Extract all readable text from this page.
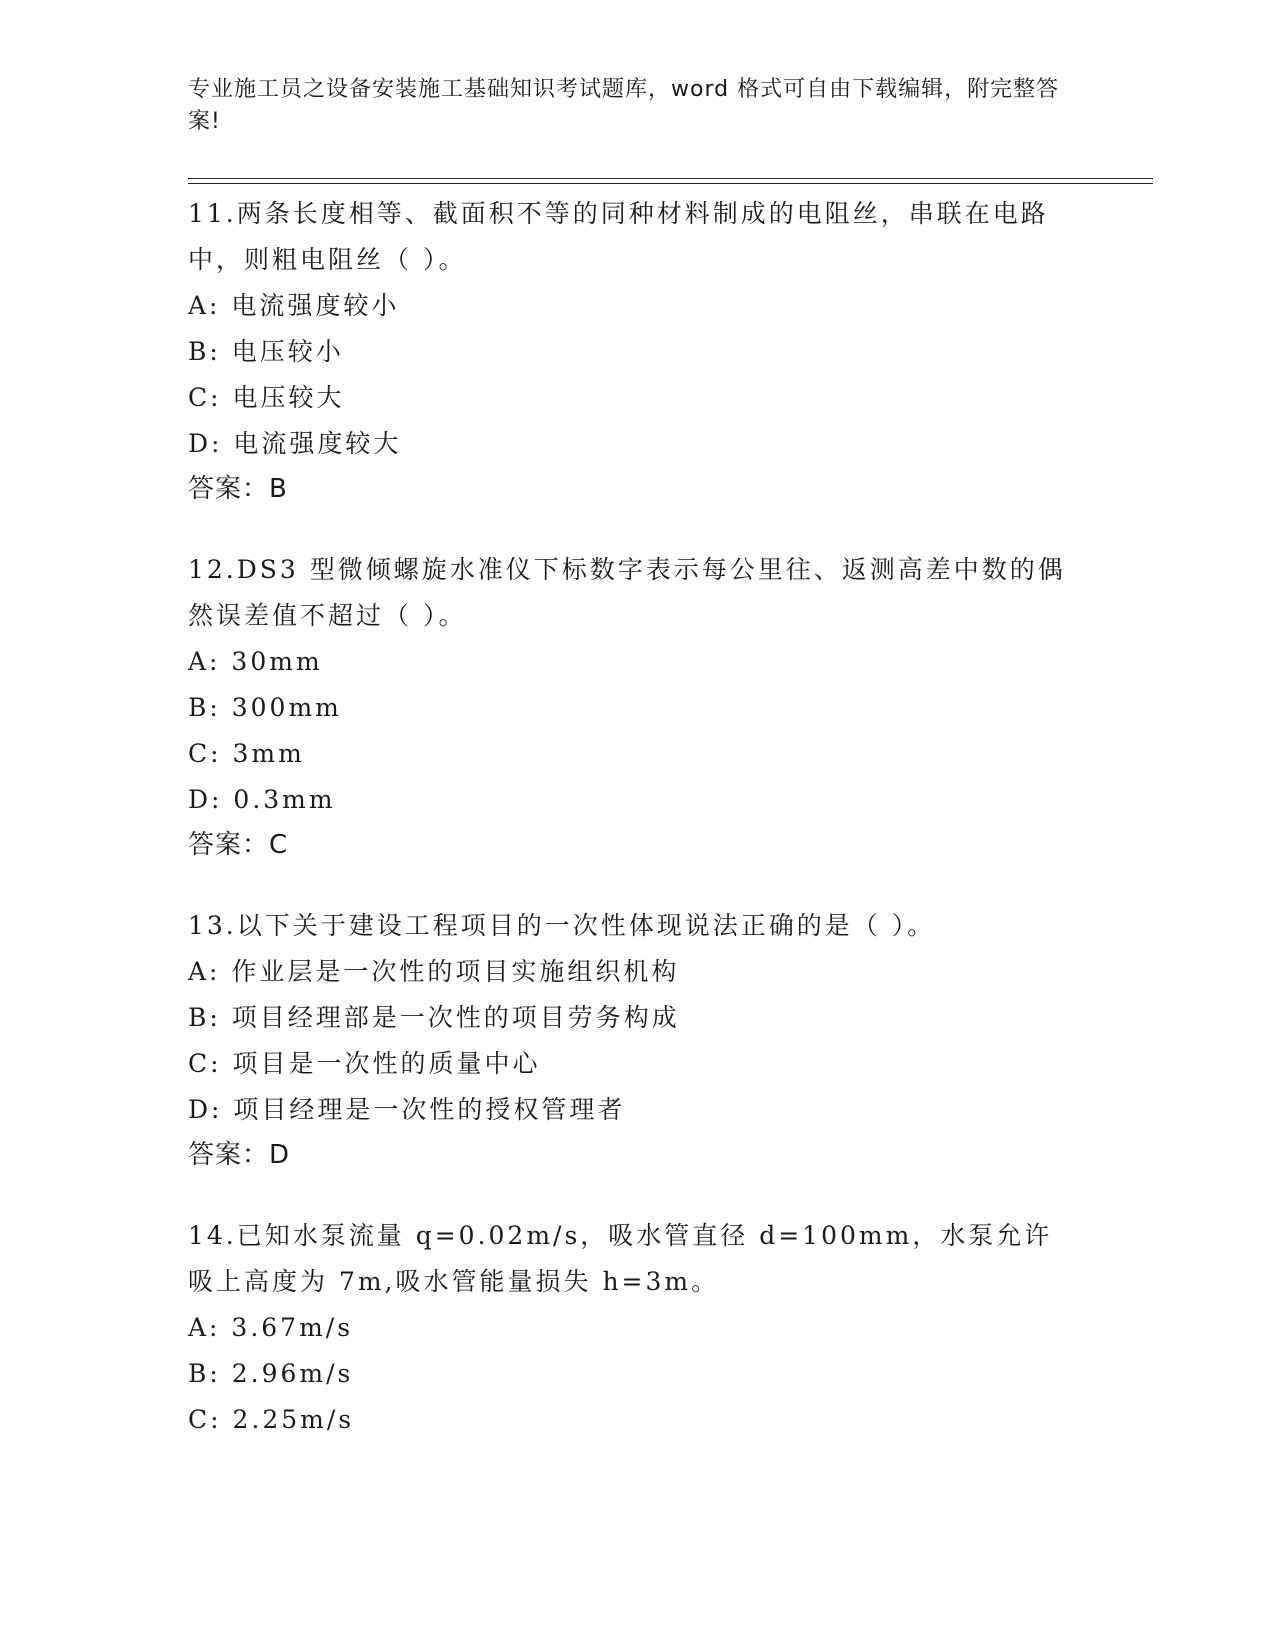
专业施工员之设备安装施工基础知识考试题库，word 格式可自由下载编辑，附完整答案!

11.两条长度相等、截面积不等的同种材料制成的电阻丝，串联在电路中，则粗电阻丝（ ）。

A: 电流强度较小

B: 电压较小

C: 电压较大

D: 电流强度较大

答案：B

12.DS3 型微倾螺旋水准仪下标数字表示每公里往、返测高差中数的偶然误差值不超过（ ）。

A: 30mm

B: 300mm

C: 3mm

D: 0.3mm

答案：C

13.以下关于建设工程项目的一次性体现说法正确的是（ ）。

A: 作业层是一次性的项目实施组织机构

B: 项目经理部是一次性的项目劳务构成

C: 项目是一次性的质量中心

D: 项目经理是一次性的授权管理者

答案：D

14.已知水泵流量 q=0.02m/s，吸水管直径 d=100mm，水泵允许吸上高度为 7m,吸水管能量损失 h=3m。

A: 3.67m/s

B: 2.96m/s

C: 2.25m/s
